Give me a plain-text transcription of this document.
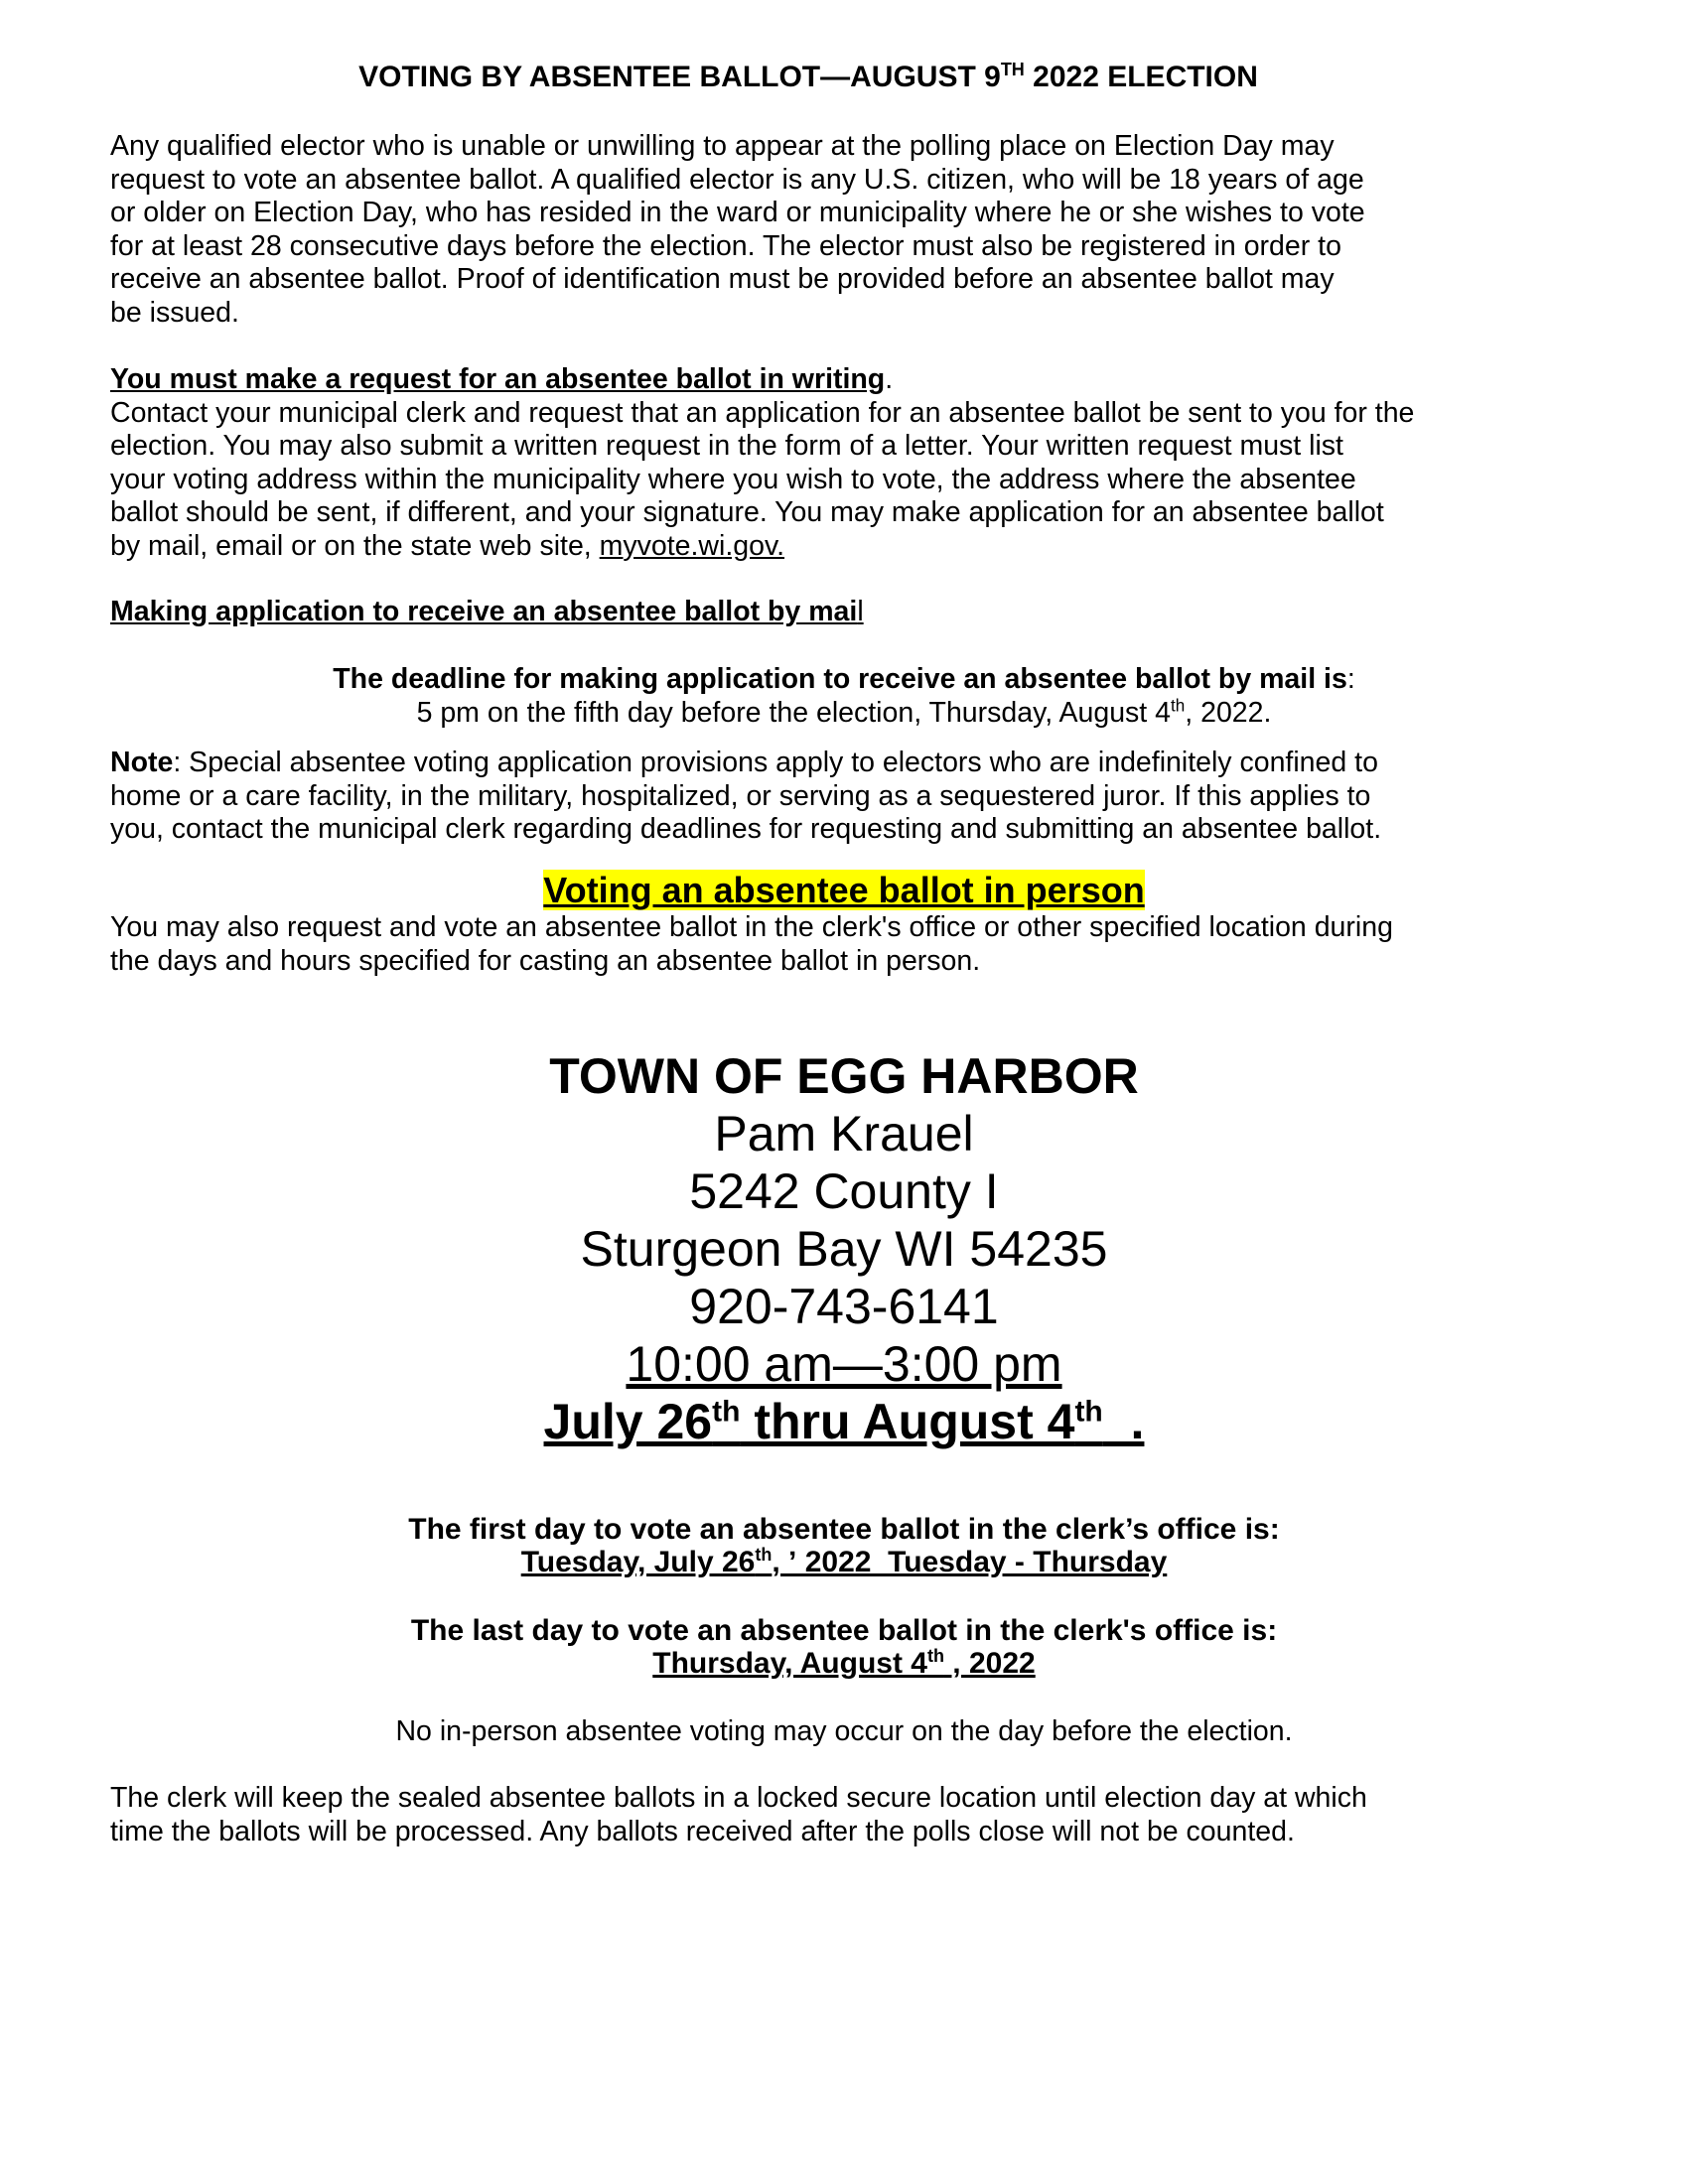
VOTING BY ABSENTEE BALLOT—AUGUST 9TH 2022 ELECTION
Any qualified elector who is unable or unwilling to appear at the polling place on Election Day may
request to vote an absentee ballot. A qualified elector is any U.S. citizen, who will be 18 years of age
or older on Election Day, who has resided in the ward or municipality where he or she wishes to vote
for at least 28 consecutive days before the election. The elector must also be registered in order to
receive an absentee ballot. Proof of identification must be provided before an absentee ballot may
be issued.
You must make a request for an absentee ballot in writing.
Contact your municipal clerk and request that an application for an absentee ballot be sent to you for the
election. You may also submit a written request in the form of a letter. Your written request must list
your voting address within the municipality where you wish to vote, the address where the absentee
ballot should be sent, if different, and your signature. You may make application for an absentee ballot
by mail, email or on the state web site, myvote.wi.gov.
Making application to receive an absentee ballot by mail
The deadline for making application to receive an absentee ballot by mail is:
5 pm on the fifth day before the election, Thursday, August 4th, 2022.
Note: Special absentee voting application provisions apply to electors who are indefinitely confined to
home or a care facility, in the military, hospitalized, or serving as a sequestered juror. If this applies to
you, contact the municipal clerk regarding deadlines for requesting and submitting an absentee ballot.
Voting an absentee ballot in person
You may also request and vote an absentee ballot in the clerk's office or other specified location during
the days and hours specified for casting an absentee ballot in person.
TOWN OF EGG HARBOR
Pam Krauel
5242 County I
Sturgeon Bay WI 54235
920-743-6141
10:00 am—3:00 pm
July 26th thru August 4th  .
The first day to vote an absentee ballot in the clerk’s office is:
Tuesday, July 26th, ʼ 2022  Tuesday - Thursday
The last day to vote an absentee ballot in the clerk's office is:
Thursday, August 4th , 2022
No in-person absentee voting may occur on the day before the election.
The clerk will keep the sealed absentee ballots in a locked secure location until election day at which
time the ballots will be processed. Any ballots received after the polls close will not be counted.
